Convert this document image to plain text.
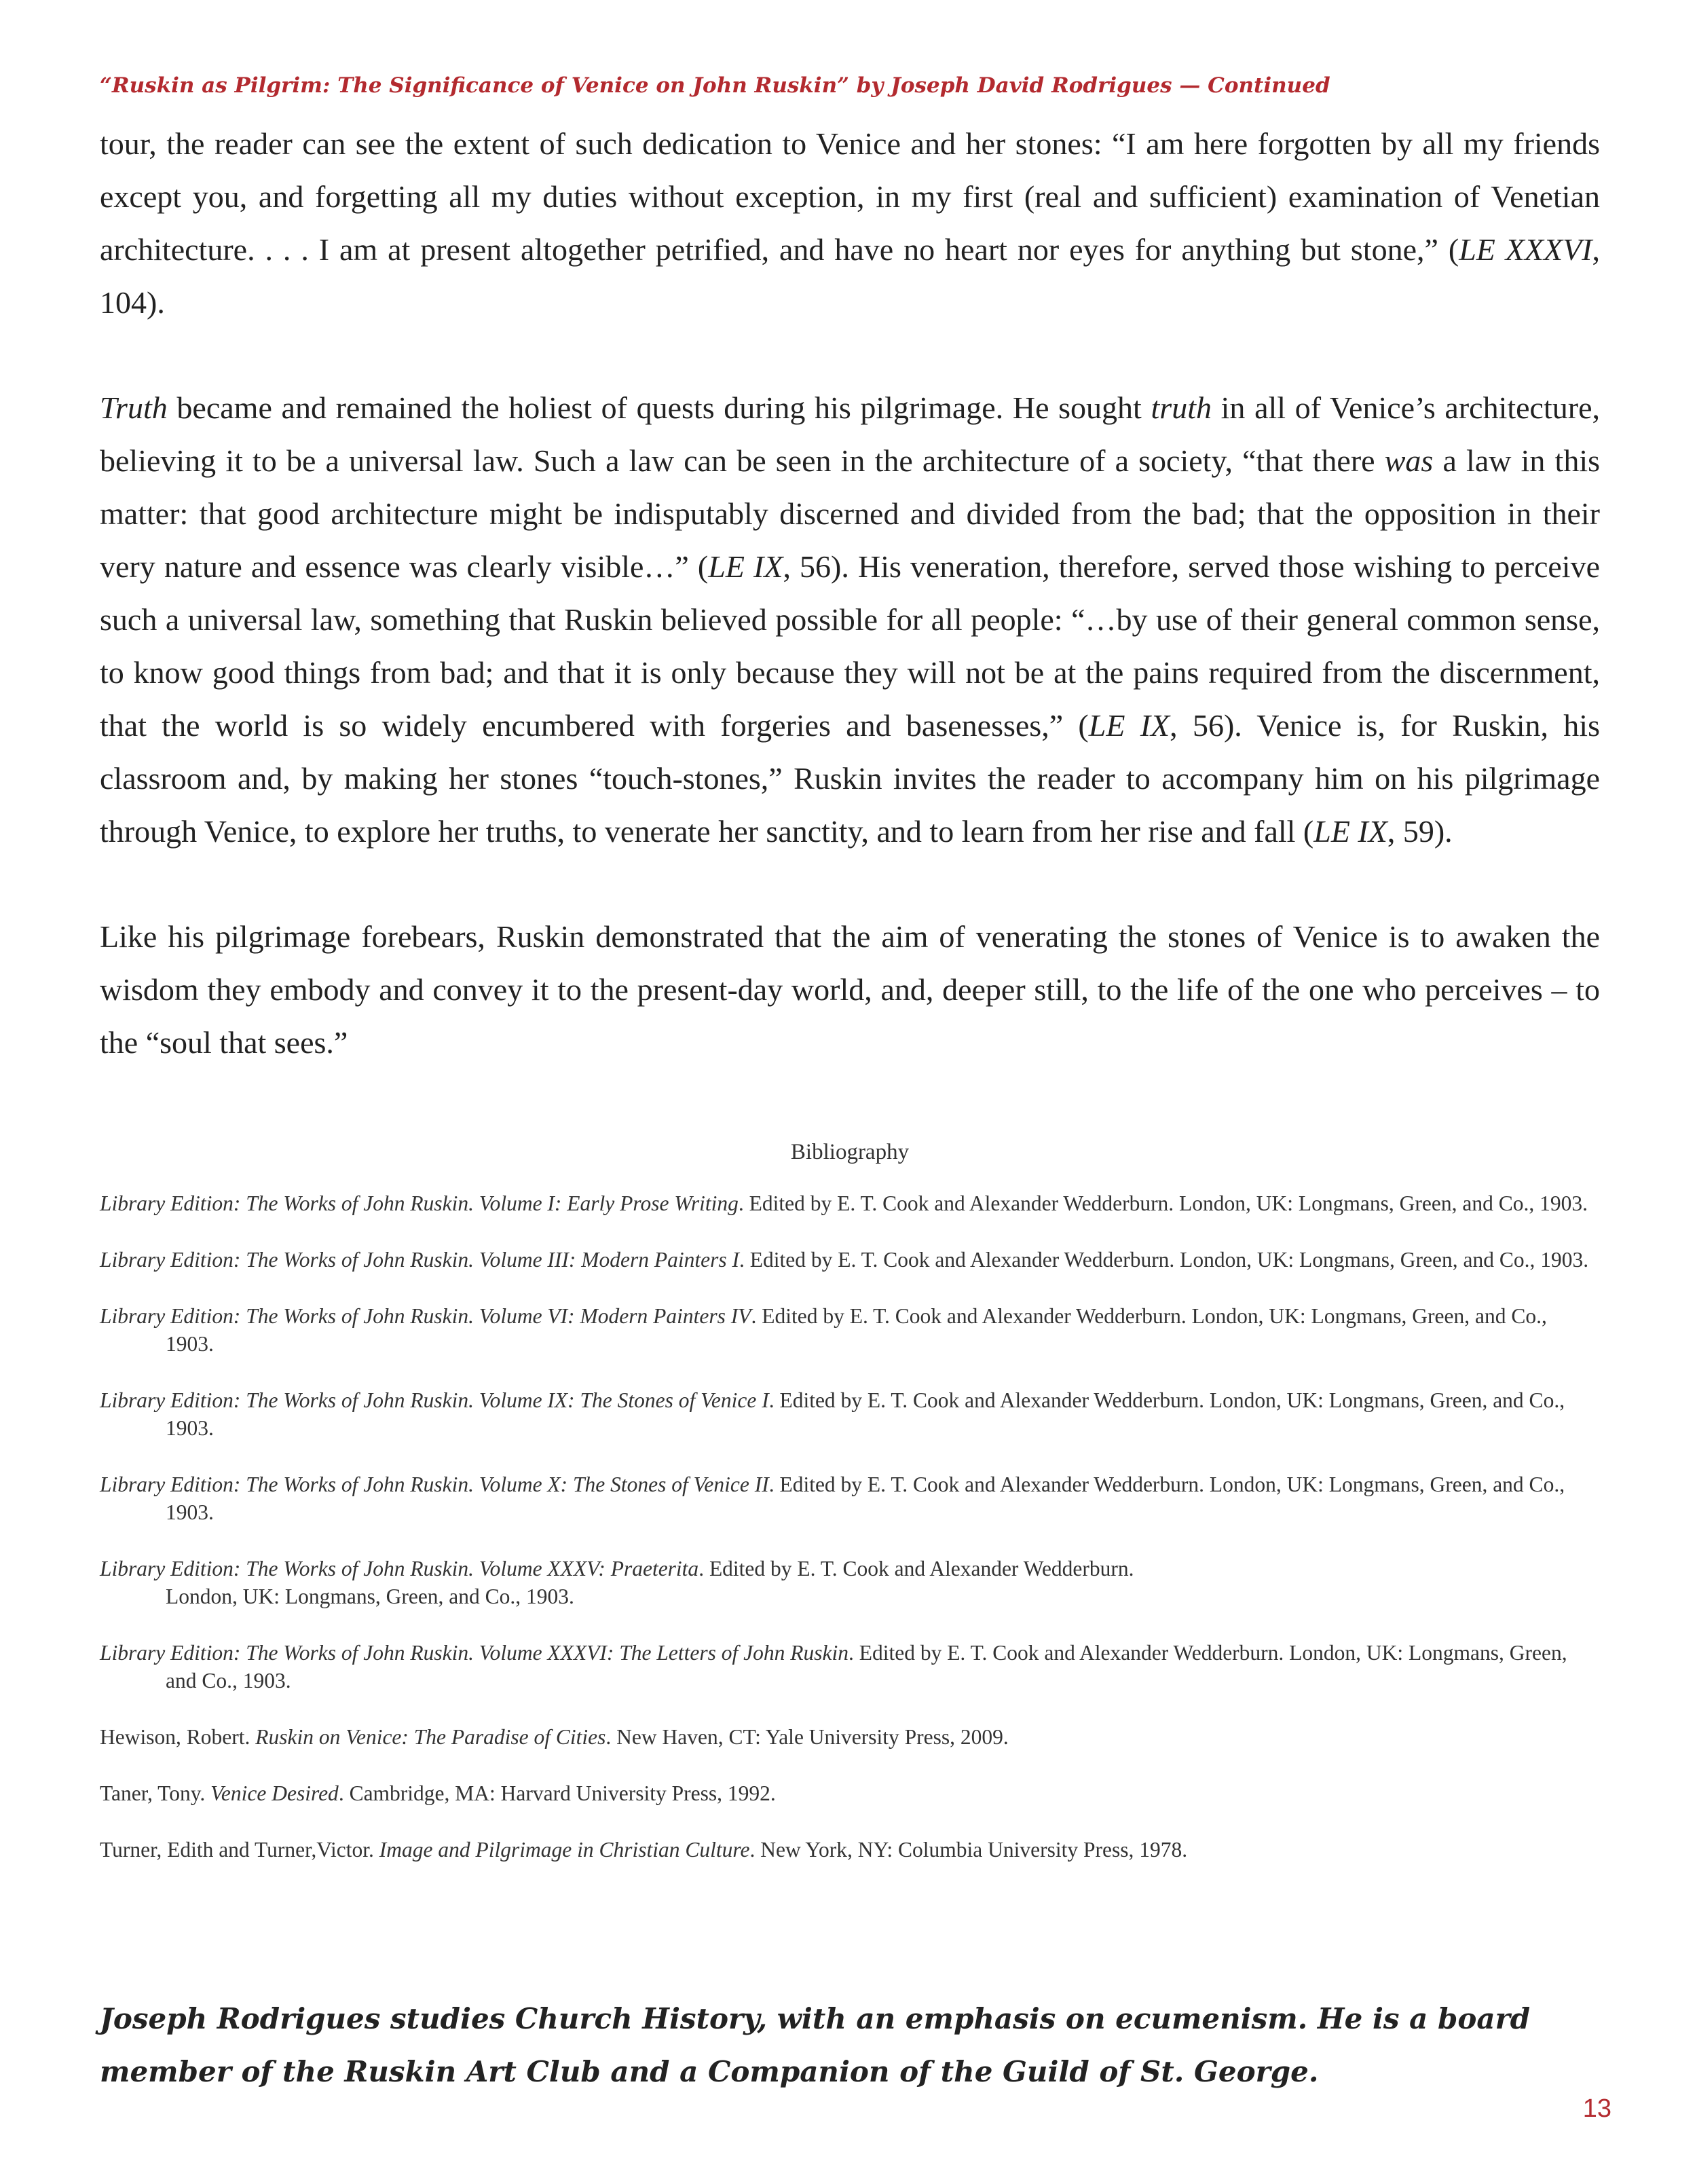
“Ruskin as Pilgrim: The Significance of Venice on John Ruskin” by Joseph David Rodrigues — Continued

tour, the reader can see the extent of such dedication to Venice and her stones: “I am here forgotten by all my friends except you, and forgetting all my duties without exception, in my first (real and sufficient) examination of Venetian architecture. . . . I am at present altogether petrified, and have no heart nor eyes for anything but stone,” (LE XXXVI, 104).

Truth became and remained the holiest of quests during his pilgrimage. He sought truth in all of Venice’s architecture, believing it to be a universal law. Such a law can be seen in the architecture of a society, “that there was a law in this matter: that good architecture might be indisputably discerned and divided from the bad; that the opposition in their very nature and essence was clearly visible…” (LE IX, 56). His veneration, therefore, served those wishing to perceive such a universal law, something that Ruskin believed possible for all people: “…by use of their general common sense, to know good things from bad; and that it is only because they will not be at the pains required from the discernment, that the world is so widely encumbered with forgeries and basenesses,” (LE IX, 56). Venice is, for Ruskin, his classroom and, by making her stones “touch-stones,” Ruskin invites the reader to accompany him on his pilgrimage through Venice, to explore her truths, to venerate her sanctity, and to learn from her rise and fall (LE IX, 59).

Like his pilgrimage forebears, Ruskin demonstrated that the aim of venerating the stones of Venice is to awaken the wisdom they embody and convey it to the present-day world, and, deeper still, to the life of the one who perceives – to the “soul that sees.”

Bibliography
Library Edition: The Works of John Ruskin. Volume I: Early Prose Writing. Edited by E. T. Cook and Alexander Wedderburn. London, UK: Longmans, Green, and Co., 1903.
Library Edition: The Works of John Ruskin. Volume III: Modern Painters I. Edited by E. T. Cook and Alexander Wedderburn. London, UK: Longmans, Green, and Co., 1903.
Library Edition: The Works of John Ruskin. Volume VI: Modern Painters IV. Edited by E. T. Cook and Alexander Wedderburn. London, UK: Longmans, Green, and Co., 1903.
Library Edition: The Works of John Ruskin. Volume IX: The Stones of Venice I. Edited by E. T. Cook and Alexander Wedderburn. London, UK: Longmans, Green, and Co., 1903.
Library Edition: The Works of John Ruskin. Volume X: The Stones of Venice II. Edited by E. T. Cook and Alexander Wedderburn. London, UK: Longmans, Green, and Co., 1903.
Library Edition: The Works of John Ruskin. Volume XXXV: Praeterita. Edited by E. T. Cook and Alexander Wedderburn. London, UK: Longmans, Green, and Co., 1903.
Library Edition: The Works of John Ruskin. Volume XXXVI: The Letters of John Ruskin. Edited by E. T. Cook and Alexander Wedderburn. London, UK: Longmans, Green, and Co., 1903.
Hewison, Robert. Ruskin on Venice: The Paradise of Cities. New Haven, CT: Yale University Press, 2009.
Taner, Tony. Venice Desired. Cambridge, MA: Harvard University Press, 1992.
Turner, Edith and Turner,Victor. Image and Pilgrimage in Christian Culture. New York, NY: Columbia University Press, 1978.
Joseph Rodrigues studies Church History, with an emphasis on ecumenism. He is a board member of the Ruskin Art Club and a Companion of the Guild of St. George.
13
